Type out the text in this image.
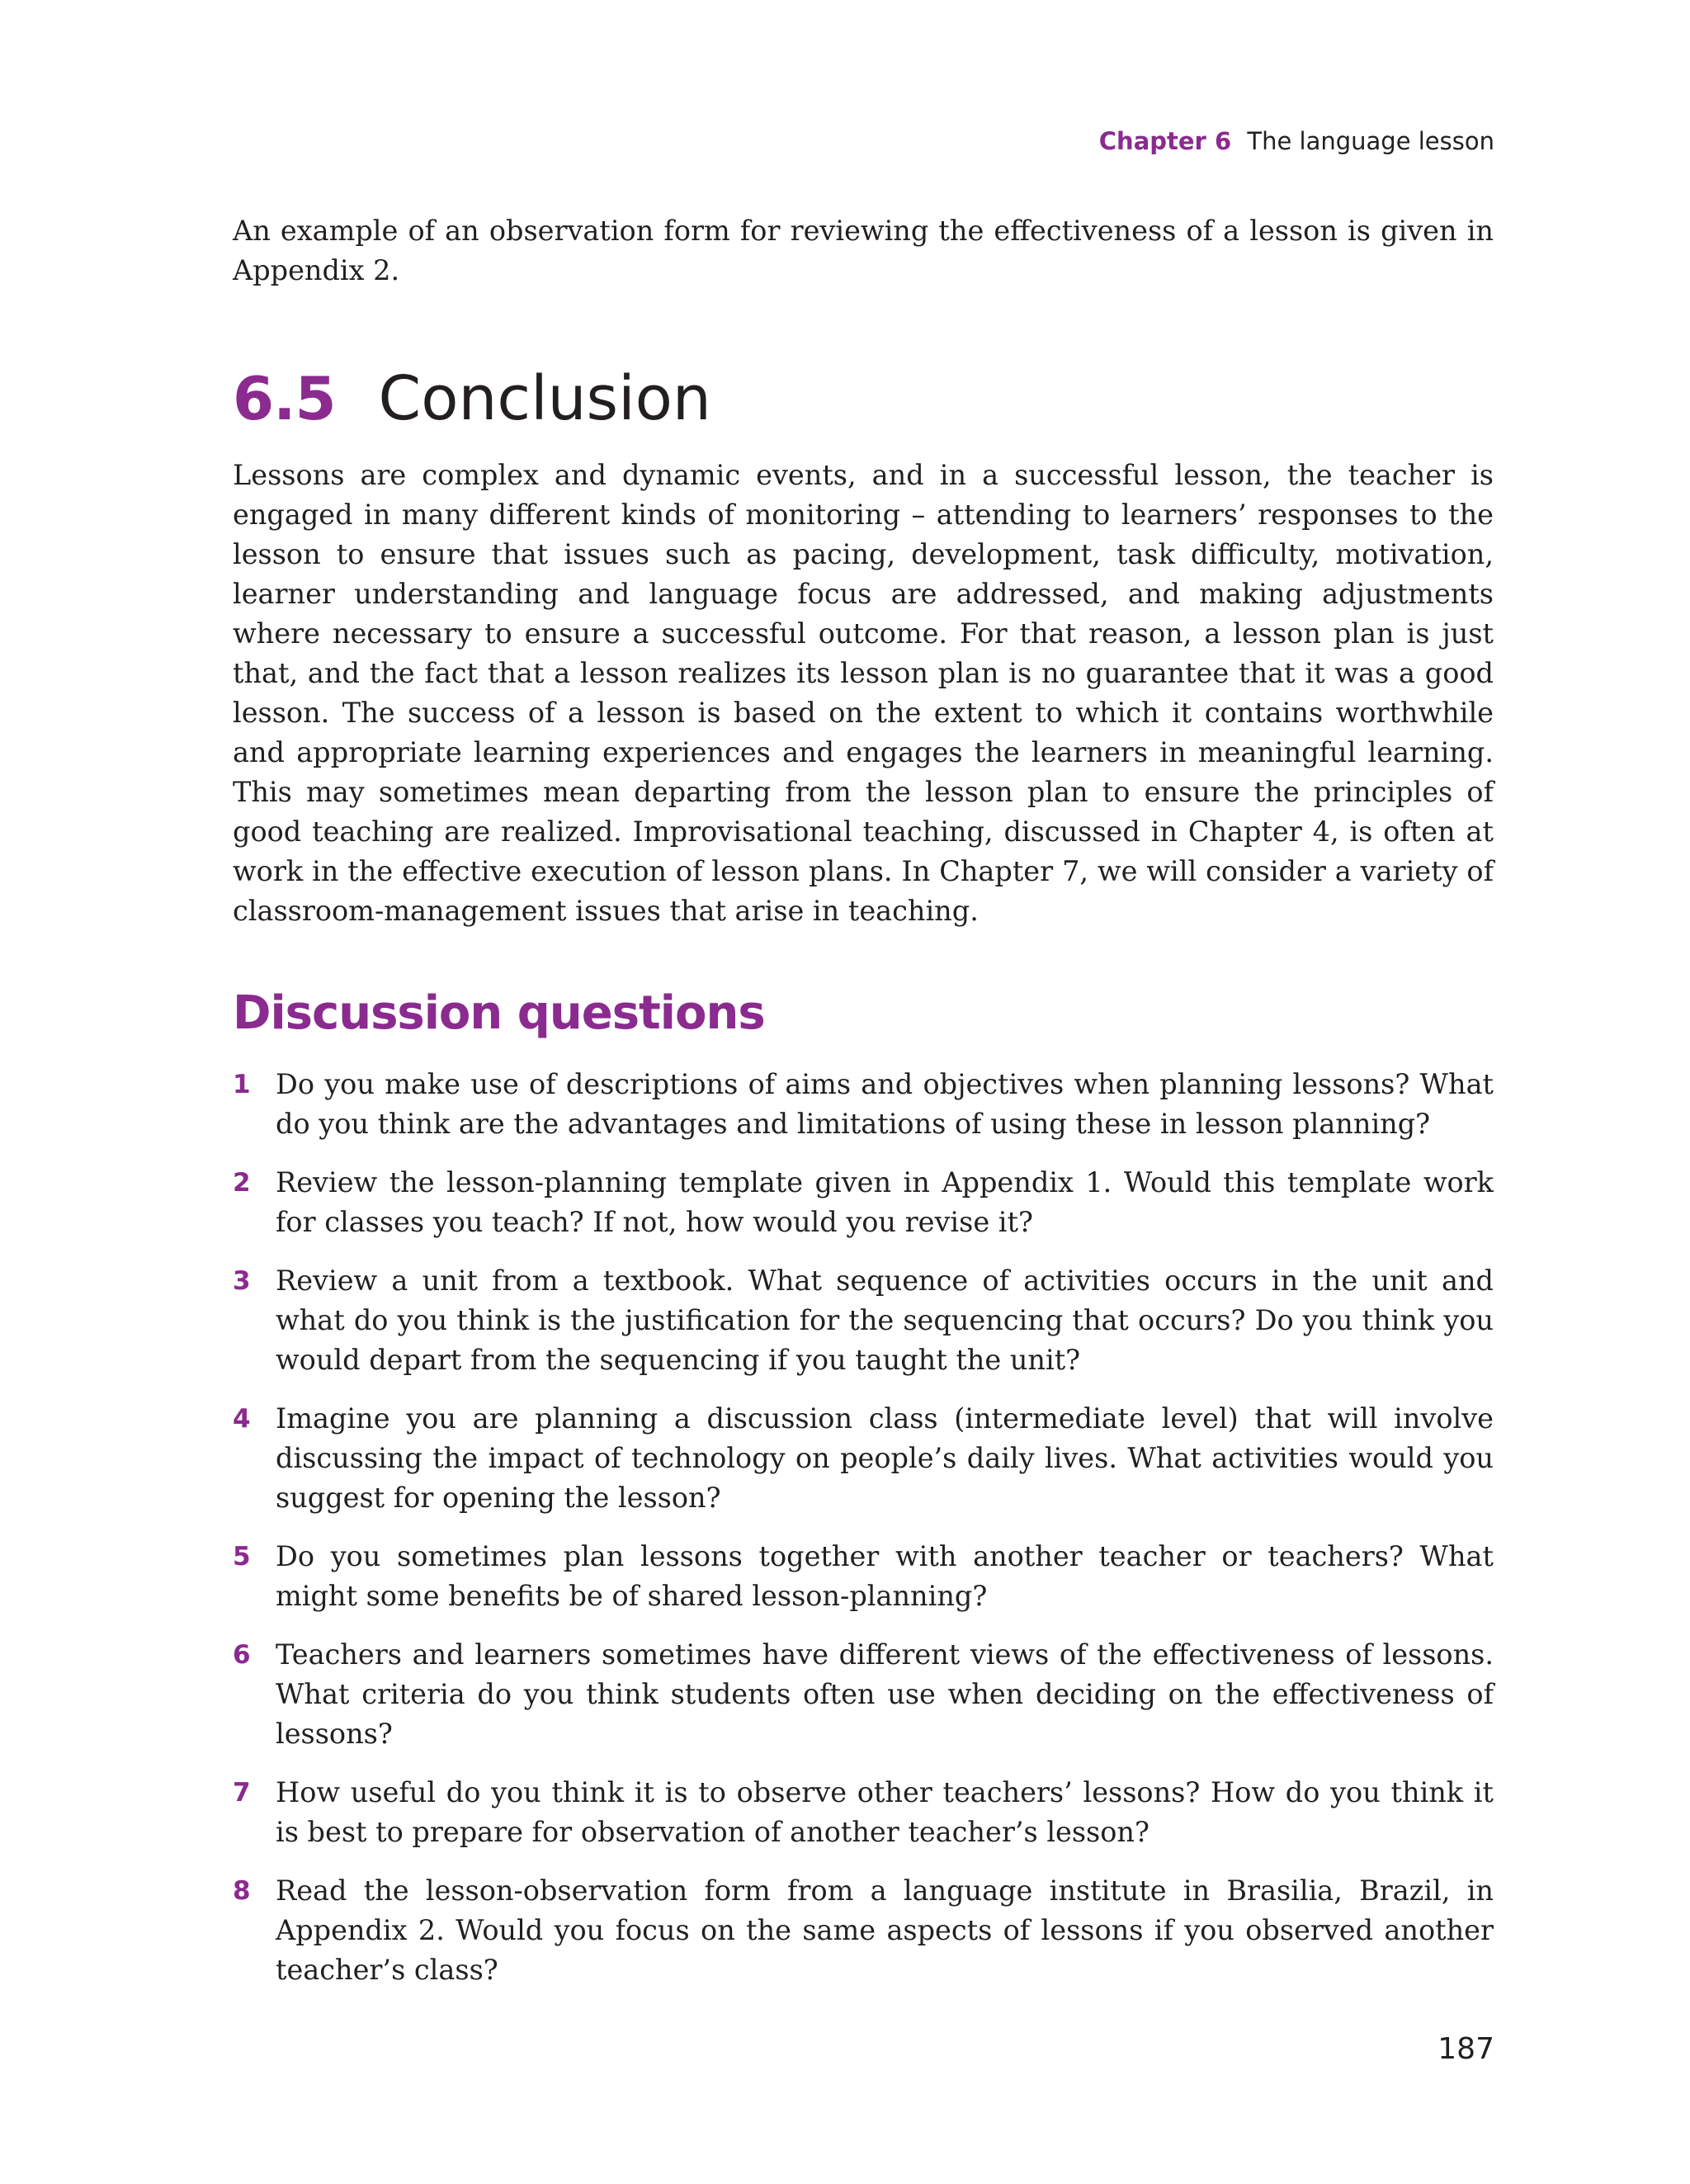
Chapter 6 The language lesson

An example of an observation form for reviewing the effectiveness of a lesson is given in Appendix 2.

6.5 Conclusion

Lessons are complex and dynamic events, and in a successful lesson, the teacher is engaged in many different kinds of monitoring – attending to learners’ responses to the lesson to ensure that issues such as pacing, development, task difficulty, motivation, learner understanding and language focus are addressed, and making adjustments where necessary to ensure a successful outcome. For that reason, a lesson plan is just that, and the fact that a lesson realizes its lesson plan is no guarantee that it was a good lesson. The success of a lesson is based on the extent to which it contains worthwhile and appropriate learning experiences and engages the learners in meaningful learning. This may sometimes mean departing from the lesson plan to ensure the principles of good teaching are realized. Improvisational teaching, discussed in Chapter 4, is often at work in the effective execution of lesson plans. In Chapter 7, we will consider a variety of classroom-management issues that arise in teaching.

Discussion questions
1 Do you make use of descriptions of aims and objectives when planning lessons? What do you think are the advantages and limitations of using these in lesson planning?
2 Review the lesson-planning template given in Appendix 1. Would this template work for classes you teach? If not, how would you revise it?
3 Review a unit from a textbook. What sequence of activities occurs in the unit and what do you think is the justification for the sequencing that occurs? Do you think you would depart from the sequencing if you taught the unit?
4 Imagine you are planning a discussion class (intermediate level) that will involve discussing the impact of technology on people’s daily lives. What activities would you suggest for opening the lesson?
5 Do you sometimes plan lessons together with another teacher or teachers? What might some benefits be of shared lesson-planning?
6 Teachers and learners sometimes have different views of the effectiveness of lessons. What criteria do you think students often use when deciding on the effectiveness of lessons?
7 How useful do you think it is to observe other teachers’ lessons? How do you think it is best to prepare for observation of another teacher’s lesson?
8 Read the lesson-observation form from a language institute in Brasilia, Brazil, in Appendix 2. Would you focus on the same aspects of lessons if you observed another teacher’s class?
187
